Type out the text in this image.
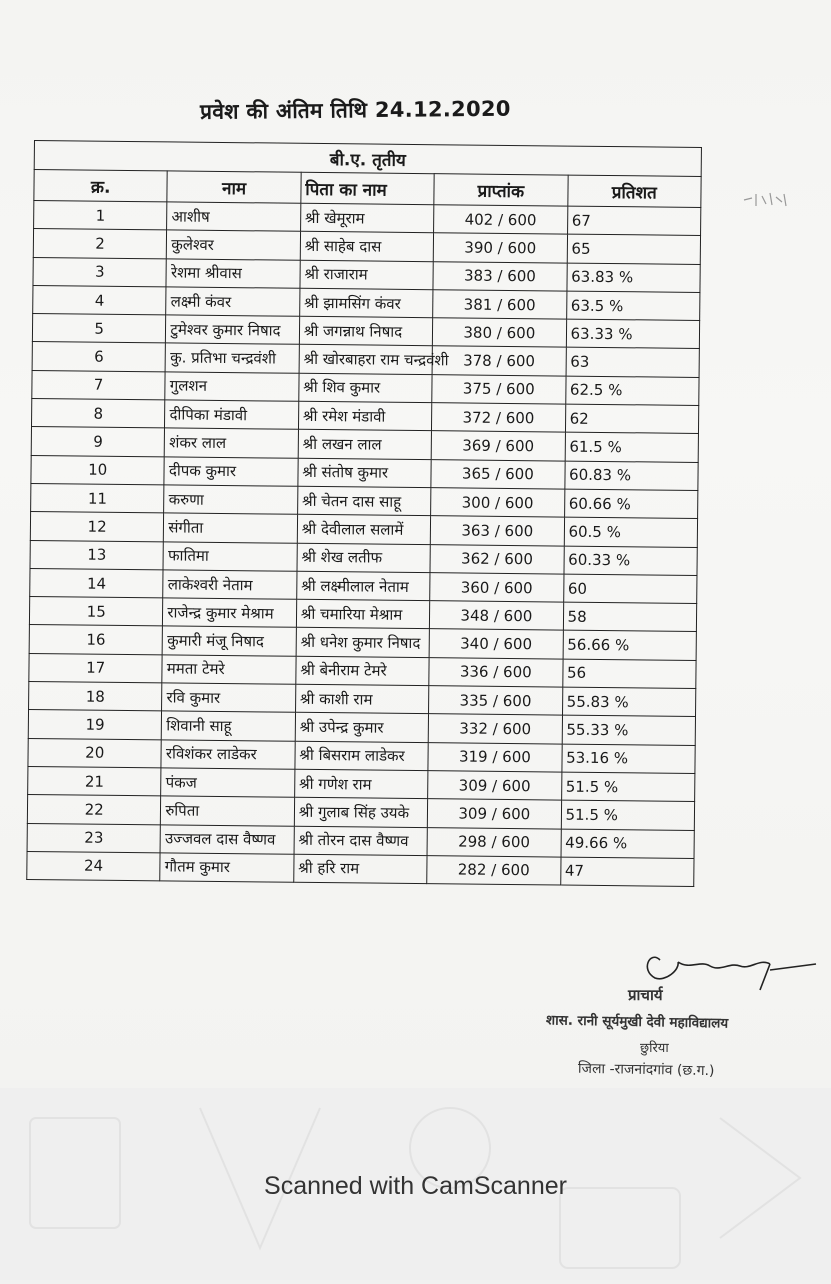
प्रवेश की अंतिम तिथि 24.12.2020
बी.ए. तृतीय				
क्र.	नाम	पिता का नाम	प्राप्तांक	प्रतिशत
1	आशीष	श्री खेमूराम	402 / 600	67
2	कुलेश्वर	श्री साहेब दास	390 / 600	65
3	रेशमा श्रीवास	श्री राजाराम	383 / 600	63.83 %
4	लक्ष्मी कंवर	श्री झामसिंग कंवर	381 / 600	63.5 %
5	टुमेश्वर कुमार निषाद	श्री जगन्नाथ निषाद	380 / 600	63.33 %
6	कु. प्रतिभा चन्द्रवंशी	श्री खोरबाहरा राम चन्द्रवंशी	378 / 600	63
7	गुलशन	श्री शिव कुमार	375 / 600	62.5 %
8	दीपिका मंडावी	श्री रमेश मंडावी	372 / 600	62
9	शंकर लाल	श्री लखन लाल	369 / 600	61.5 %
10	दीपक कुमार	श्री संतोष कुमार	365 / 600	60.83 %
11	करुणा	श्री चेतन दास साहू	300 / 600	60.66 %
12	संगीता	श्री देवीलाल सलामें	363 / 600	60.5 %
13	फातिमा	श्री शेख लतीफ	362 / 600	60.33 %
14	लाकेश्वरी नेताम	श्री लक्ष्मीलाल नेताम	360 / 600	60
15	राजेन्द्र कुमार मेश्राम	श्री चमारिया मेश्राम	348 / 600	58
16	कुमारी मंजू निषाद	श्री धनेश कुमार निषाद	340 / 600	56.66 %
17	ममता टेमरे	श्री बेनीराम टेमरे	336 / 600	56
18	रवि कुमार	श्री काशी राम	335 / 600	55.83 %
19	शिवानी साहू	श्री उपेन्द्र कुमार	332 / 600	55.33 %
20	रविशंकर लाडेकर	श्री बिसराम लाडेकर	319 / 600	53.16 %
21	पंकज	श्री गणेश राम	309 / 600	51.5 %
22	रुपिता	श्री गुलाब सिंह उयके	309 / 600	51.5 %
23	उज्जवल दास वैष्णव	श्री तोरन दास वैष्णव	298 / 600	49.66 %
24	गौतम कुमार	श्री हरि राम	282 / 600	47
प्राचार्य
शास. रानी सूर्यमुखी देवी महाविद्यालय
छुरिया
जिला -राजनांदगांव (छ.ग.)
Scanned with CamScanner
